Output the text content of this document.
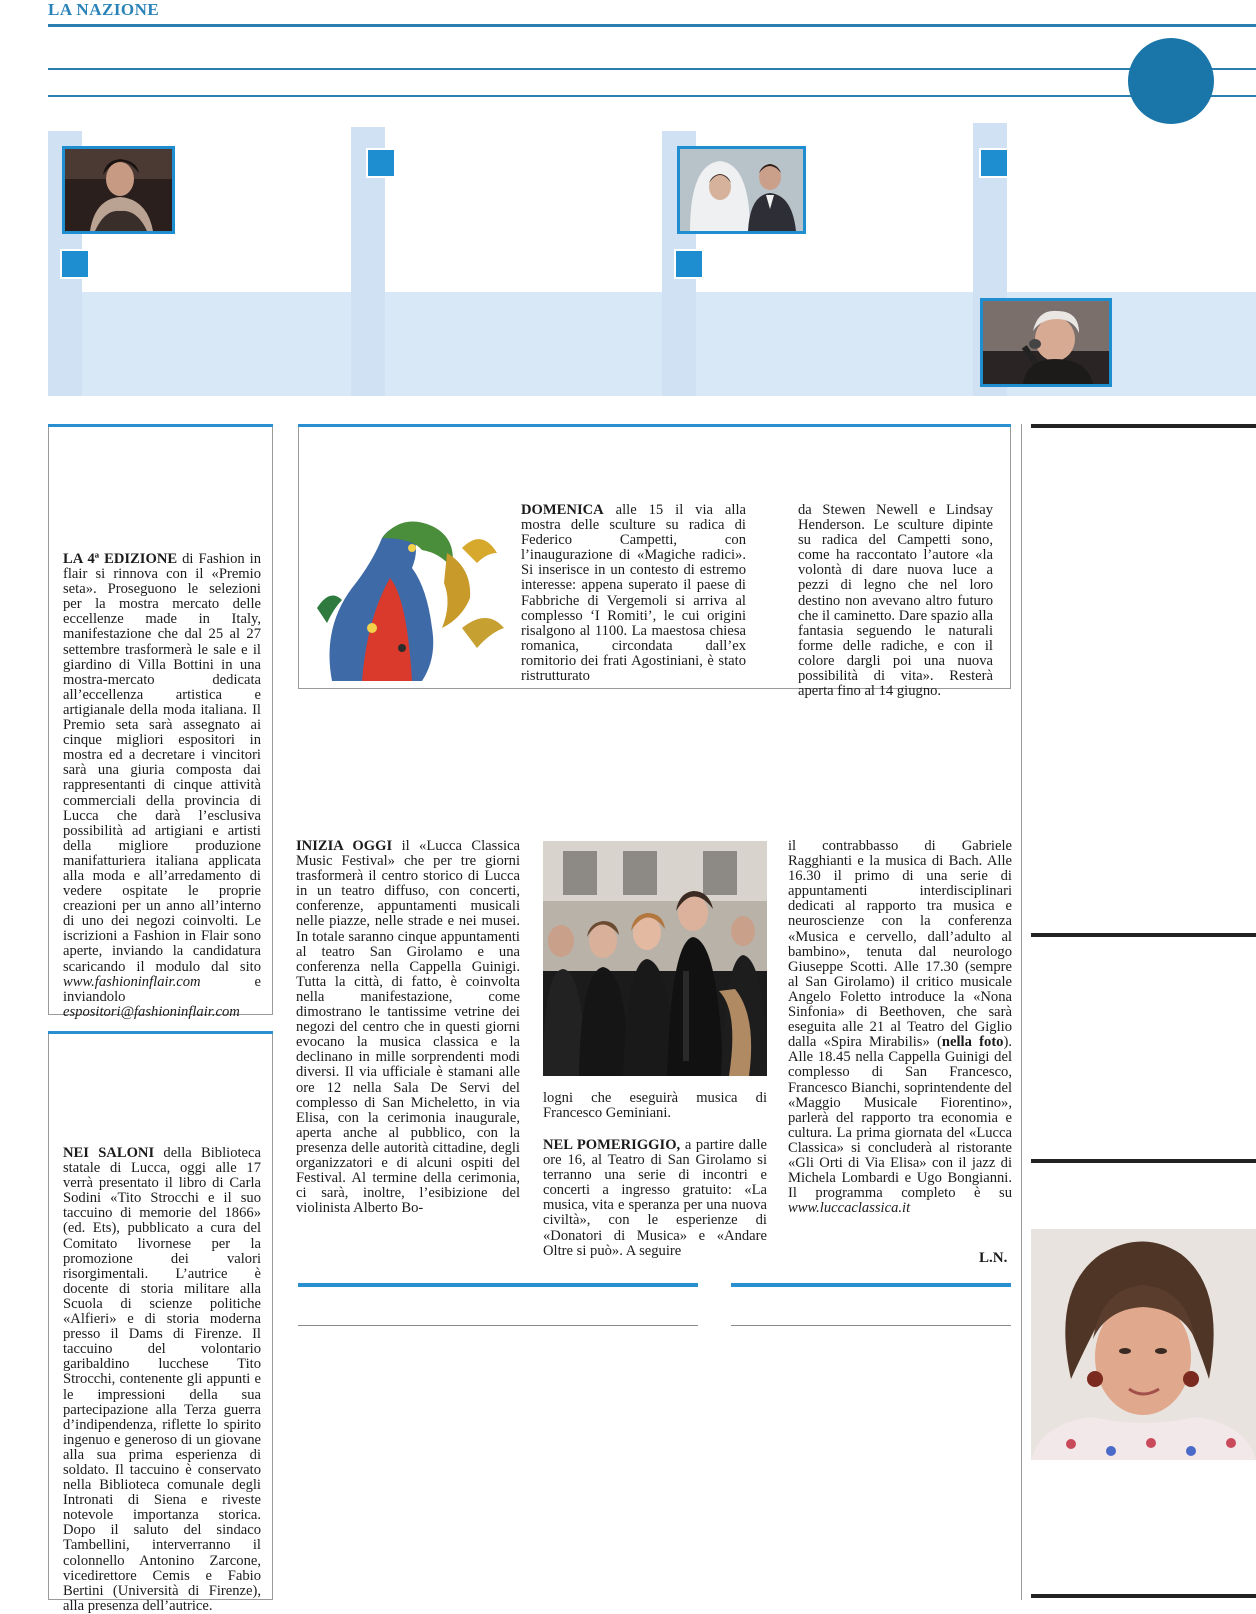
LA NAZIONE
LA 4ª EDIZIONE di Fashion in flair si rinnova con il «Premio seta». Proseguono le selezioni per la mostra mercato delle eccellenze made in Italy, manifestazione che dal 25 al 27 settembre trasformerà le sale e il giardino di Villa Bottini in una mostra-mercato dedicata all’eccellenza artistica e artigianale della moda italiana. Il Premio seta sarà assegnato ai cinque migliori espositori in mostra ed a decretare i vincitori sarà una giuria composta dai rappresentanti di cinque attività commerciali della provincia di Lucca che darà l’esclusiva possibilità ad artigiani e artisti della migliore produzione manifatturiera italiana applicata alla moda e all’arredamento di vedere ospitate le proprie creazioni per un anno all’interno di uno dei negozi coinvolti. Le iscrizioni a Fashion in Flair sono aperte, inviando la candidatura scaricando il modulo dal sito www.fashioninflair.com e inviandolo espositori@fashioninflair.com
NEI SALONI della Biblioteca statale di Lucca, oggi alle 17 verrà presentato il libro di Carla Sodini «Tito Strocchi e il suo taccuino di memorie del 1866» (ed. Ets), pubblicato a cura del Comitato livornese per la promozione dei valori risorgimentali. L’autrice è docente di storia militare alla Scuola di scienze politiche «Alfieri» e di storia moderna presso il Dams di Firenze. Il taccuino del volontario garibaldino lucchese Tito Strocchi, contenente gli appunti e le impressioni della sua partecipazione alla Terza guerra d’indipendenza, riflette lo spirito ingenuo e generoso di un giovane alla sua prima esperienza di soldato. Il taccuino è conservato nella Biblioteca comunale degli Intronati di Siena e riveste notevole importanza storica. Dopo il saluto del sindaco Tambellini, interverranno il colonnello Antonino Zarcone, vicedirettore Cemis e Fabio Bertini (Università di Firenze), alla presenza dell’autrice.
DOMENICA alle 15 il via alla mostra delle sculture su radica di Federico Campetti, con l’inaugurazione di «Magiche radici». Si inserisce in un contesto di estremo interesse: appena superato il paese di Fabbriche di Vergemoli si arriva al complesso ‘I Romiti’, le cui origini risalgono al 1100. La maestosa chiesa romanica, circondata dall’ex romitorio dei frati Agostiniani, è stato ristrutturato
da Stewen Newell e Lindsay Henderson. Le sculture dipinte su radica del Campetti sono, come ha raccontato l’autore «la volontà di dare nuova luce a pezzi di legno che nel loro destino non avevano altro futuro che il caminetto. Dare spazio alla fantasia seguendo le naturali forme delle radiche, e con il colore dargli poi una nuova possibilità di vita». Resterà aperta fino al 14 giugno.
INIZIA OGGI il «Lucca Classica Music Festival» che per tre giorni trasformerà il centro storico di Lucca in un teatro diffuso, con concerti, conferenze, appuntamenti musicali nelle piazze, nelle strade e nei musei. In totale saranno cinque appuntamenti al teatro San Girolamo e una conferenza nella Cappella Guinigi. Tutta la città, di fatto, è coinvolta nella manifestazione, come dimostrano le tantissime vetrine dei negozi del centro che in questi giorni evocano la musica classica e la declinano in mille sorprendenti modi diversi. Il via ufficiale è stamani alle ore 12 nella Sala De Servi del complesso di San Micheletto, in via Elisa, con la cerimonia inaugurale, aperta anche al pubblico, con la presenza delle autorità cittadine, degli organizzatori e di alcuni ospiti del Festival. Al termine della cerimonia, ci sarà, inoltre, l’esibizione del violinista Alberto Bo-
logni che eseguirà musica di Francesco Geminiani.
NEL POMERIGGIO, a partire dalle ore 16, al Teatro di San Girolamo si terranno una serie di incontri e concerti a ingresso gratuito: «La musica, vita e speranza per una nuova civiltà», con le esperienze di «Donatori di Musica» e «Andare Oltre si può». A seguire
il contrabbasso di Gabriele Ragghianti e la musica di Bach. Alle 16.30 il primo di una serie di appuntamenti interdisciplinari dedicati al rapporto tra musica e neuroscienze con la conferenza «Musica e cervello, dall’adulto al bambino», tenuta dal neurologo Giuseppe Scotti. Alle 17.30 (sempre al San Girolamo) il critico musicale Angelo Foletto introduce la «Nona Sinfonia» di Beethoven, che sarà eseguita alle 21 al Teatro del Giglio dalla «Spira Mirabilis» (nella foto). Alle 18.45 nella Cappella Guinigi del complesso di San Francesco, Francesco Bianchi, soprintendente del «Maggio Musicale Fiorentino», parlerà del rapporto tra economia e cultura. La prima giornata del «Lucca Classica» si concluderà al ristorante «Gli Orti di Via Elisa» con il jazz di Michela Lombardi e Ugo Bongianni. Il programma completo è su www.luccaclassica.it
L.N.
